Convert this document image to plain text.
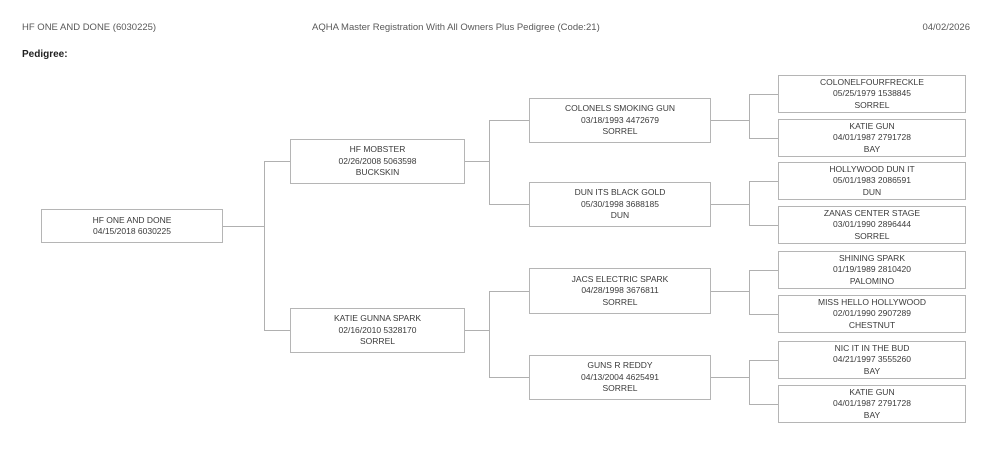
HF ONE AND DONE (6030225)	AQHA Master Registration With All Owners Plus Pedigree (Code:21)	04/02/2026
Pedigree:
HF ONE AND DONE
04/15/2018 6030225
HF MOBSTER
02/26/2008 5063598
BUCKSKIN
KATIE GUNNA SPARK
02/16/2010 5328170
SORREL
COLONELS SMOKING GUN
03/18/1993 4472679
SORREL
DUN ITS BLACK GOLD
05/30/1998 3688185
DUN
JACS ELECTRIC SPARK
04/28/1998 3676811
SORREL
GUNS R REDDY
04/13/2004 4625491
SORREL
COLONELFOURFRECKLE
05/25/1979 1538845
SORREL
KATIE GUN
04/01/1987 2791728
BAY
HOLLYWOOD DUN IT
05/01/1983 2086591
DUN
ZANAS CENTER STAGE
03/01/1990 2896444
SORREL
SHINING SPARK
01/19/1989 2810420
PALOMINO
MISS HELLO HOLLYWOOD
02/01/1990 2907289
CHESTNUT
NIC IT IN THE BUD
04/21/1997 3555260
BAY
KATIE GUN
04/01/1987 2791728
BAY
